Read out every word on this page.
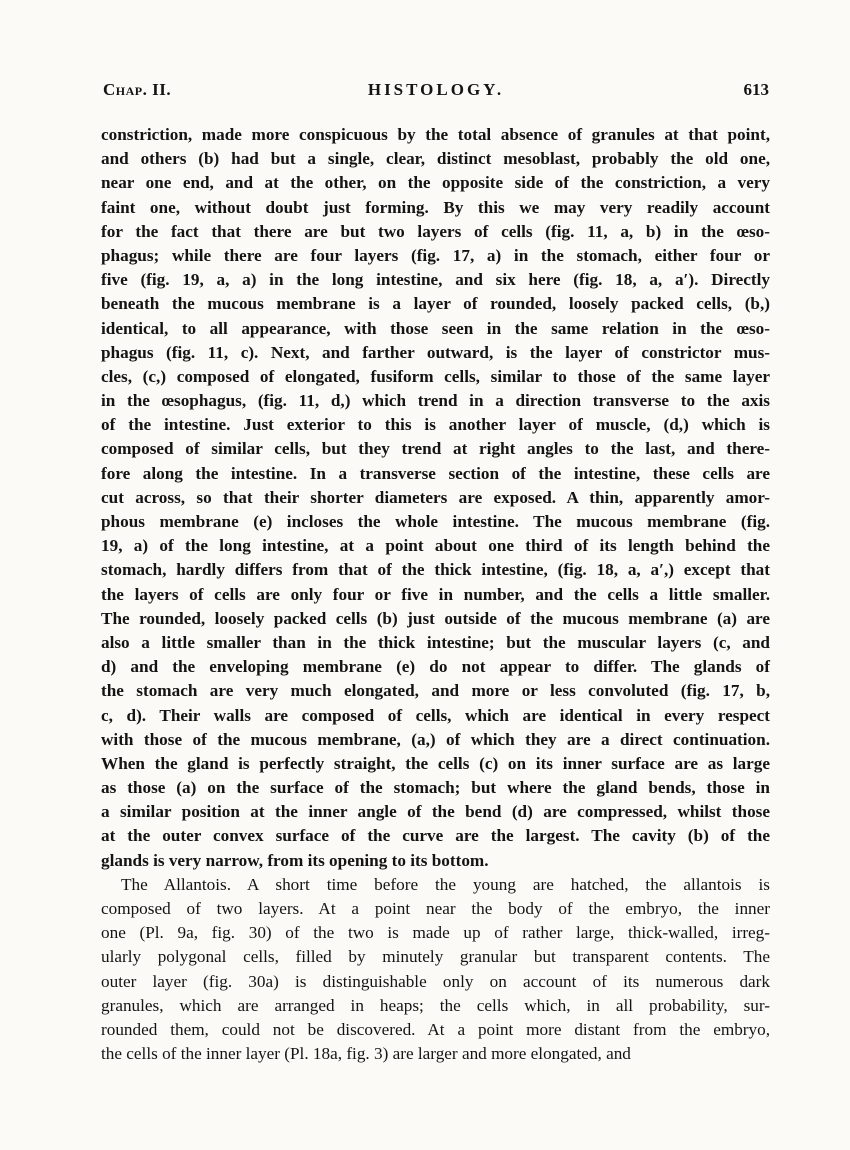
Chap. II.	HISTOLOGY.	613
constriction, made more conspicuous by the total absence of granules at that point,
and others (b) had but a single, clear, distinct mesoblast, probably the old one,
near one end, and at the other, on the opposite side of the constriction, a very
faint one, without doubt just forming. By this we may very readily account
for the fact that there are but two layers of cells (fig. 11, a, b) in the œso-
phagus; while there are four layers (fig. 17, a) in the stomach, either four or
five (fig. 19, a, a) in the long intestine, and six here (fig. 18, a, a′). Directly
beneath the mucous membrane is a layer of rounded, loosely packed cells, (b,)
identical, to all appearance, with those seen in the same relation in the œso-
phagus (fig. 11, c). Next, and farther outward, is the layer of constrictor mus-
cles, (c,) composed of elongated, fusiform cells, similar to those of the same layer
in the œsophagus, (fig. 11, d,) which trend in a direction transverse to the axis
of the intestine. Just exterior to this is another layer of muscle, (d,) which is
composed of similar cells, but they trend at right angles to the last, and there-
fore along the intestine. In a transverse section of the intestine, these cells are
cut across, so that their shorter diameters are exposed. A thin, apparently amor-
phous membrane (e) incloses the whole intestine. The mucous membrane (fig.
19, a) of the long intestine, at a point about one third of its length behind the
stomach, hardly differs from that of the thick intestine, (fig. 18, a, a′,) except that
the layers of cells are only four or five in number, and the cells a little smaller.
The rounded, loosely packed cells (b) just outside of the mucous membrane (a) are
also a little smaller than in the thick intestine; but the muscular layers (c, and
d) and the enveloping membrane (e) do not appear to differ. The glands of
the stomach are very much elongated, and more or less convoluted (fig. 17, b,
c, d). Their walls are composed of cells, which are identical in every respect
with those of the mucous membrane, (a,) of which they are a direct continuation.
When the gland is perfectly straight, the cells (c) on its inner surface are as large
as those (a) on the surface of the stomach; but where the gland bends, those in
a similar position at the inner angle of the bend (d) are compressed, whilst those
at the outer convex surface of the curve are the largest. The cavity (b) of the
glands is very narrow, from its opening to its bottom.
The Allantois. A short time before the young are hatched, the allantois is
composed of two layers. At a point near the body of the embryo, the inner
one (Pl. 9a, fig. 30) of the two is made up of rather large, thick-walled, irreg-
ularly polygonal cells, filled by minutely granular but transparent contents. The
outer layer (fig. 30a) is distinguishable only on account of its numerous dark
granules, which are arranged in heaps; the cells which, in all probability, sur-
rounded them, could not be discovered. At a point more distant from the embryo,
the cells of the inner layer (Pl. 18a, fig. 3) are larger and more elongated, and
